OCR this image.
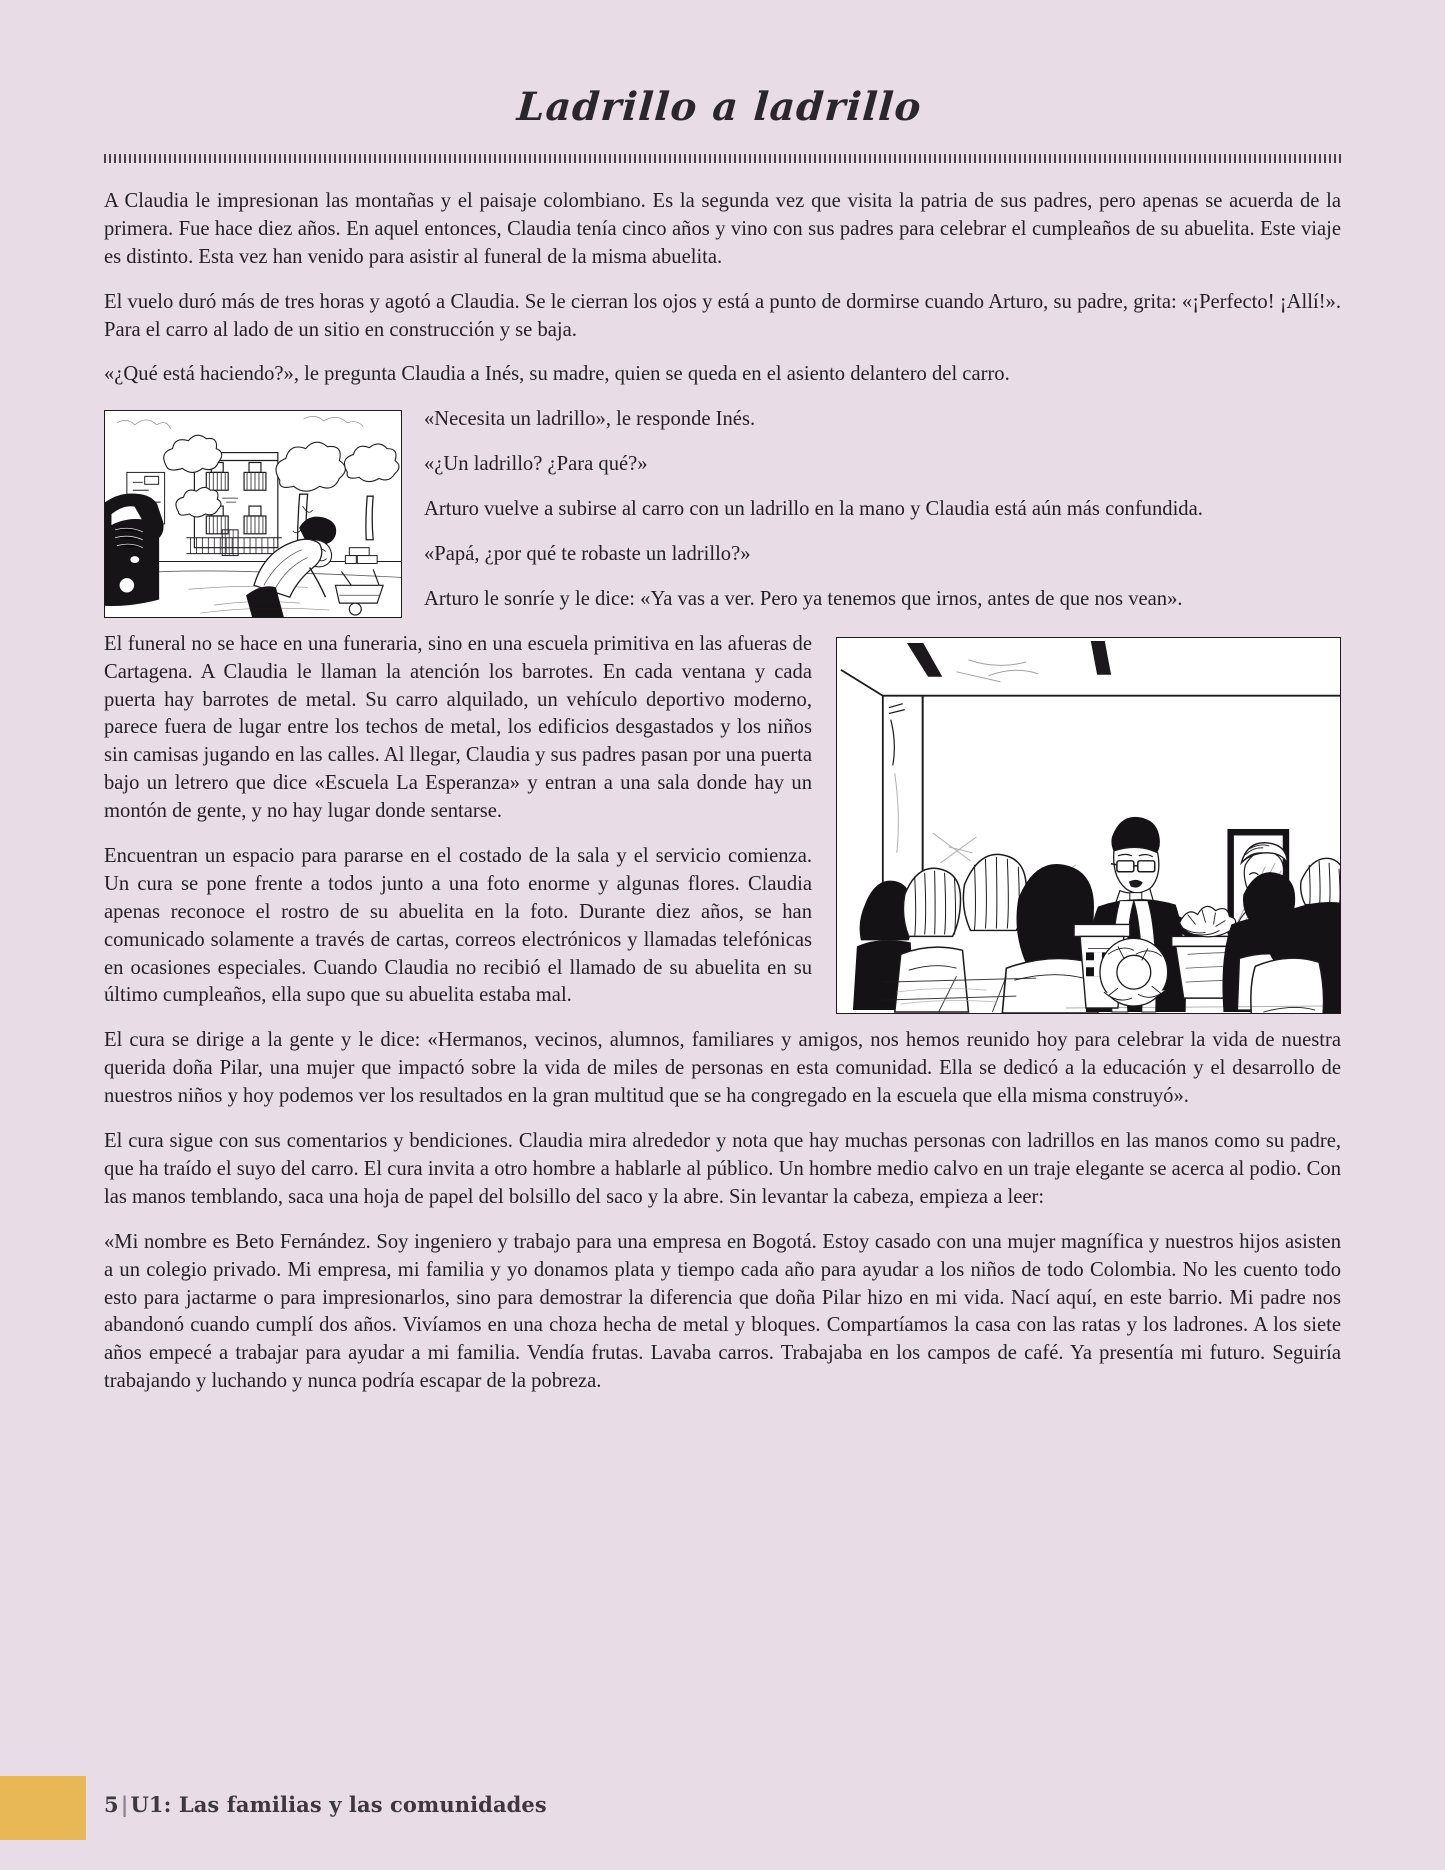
Ladrillo a ladrillo

A Claudia le impresionan las montañas y el paisaje colombiano. Es la segunda vez que visita la patria de sus padres, pero apenas se acuerda de la primera. Fue hace diez años. En aquel entonces, Claudia tenía cinco años y vino con sus padres para celebrar el cumpleaños de su abuelita. Este viaje es distinto. Esta vez han venido para asistir al funeral de la misma abuelita.

El vuelo duró más de tres horas y agotó a Claudia. Se le cierran los ojos y está a punto de dormirse cuando Arturo, su padre, grita: «¡Perfecto! ¡Allí!». Para el carro al lado de un sitio en construcción y se baja.

«¿Qué está haciendo?», le pregunta Claudia a Inés, su madre, quien se queda en el asiento delantero del carro.

«Necesita un ladrillo», le responde Inés.

«¿Un ladrillo? ¿Para qué?»

Arturo vuelve a subirse al carro con un ladrillo en la mano y Claudia está aún más confundida.

«Papá, ¿por qué te robaste un ladrillo?»

Arturo le sonríe y le dice: «Ya vas a ver. Pero ya tenemos que irnos, antes de que nos vean».

El funeral no se hace en una funeraria, sino en una escuela primitiva en las afueras de Cartagena. A Claudia le llaman la atención los barrotes. En cada ventana y cada puerta hay barrotes de metal. Su carro alquilado, un vehículo deportivo moderno, parece fuera de lugar entre los techos de metal, los edificios desgastados y los niños sin camisas jugando en las calles. Al llegar, Claudia y sus padres pasan por una puerta bajo un letrero que dice «Escuela La Esperanza» y entran a una sala donde hay un montón de gente, y no hay lugar donde sentarse.

Encuentran un espacio para pararse en el costado de la sala y el servicio comienza. Un cura se pone frente a todos junto a una foto enorme y algunas flores. Claudia apenas reconoce el rostro de su abuelita en la foto. Durante diez años, se han comunicado solamente a través de cartas, correos electrónicos y llamadas telefónicas en ocasiones especiales. Cuando Claudia no recibió el llamado de su abuelita en su último cumpleaños, ella supo que su abuelita estaba mal.

El cura se dirige a la gente y le dice: «Hermanos, vecinos, alumnos, familiares y amigos, nos hemos reunido hoy para celebrar la vida de nuestra querida doña Pilar, una mujer que impactó sobre la vida de miles de personas en esta comunidad. Ella se dedicó a la educación y el desarrollo de nuestros niños y hoy podemos ver los resultados en la gran multitud que se ha congregado en la escuela que ella misma construyó».

El cura sigue con sus comentarios y bendiciones. Claudia mira alrededor y nota que hay muchas personas con ladrillos en las manos como su padre, que ha traído el suyo del carro. El cura invita a otro hombre a hablarle al público. Un hombre medio calvo en un traje elegante se acerca al podio. Con las manos temblando, saca una hoja de papel del bolsillo del saco y la abre. Sin levantar la cabeza, empieza a leer:

«Mi nombre es Beto Fernández. Soy ingeniero y trabajo para una empresa en Bogotá. Estoy casado con una mujer magnífica y nuestros hijos asisten a un colegio privado. Mi empresa, mi familia y yo donamos plata y tiempo cada año para ayudar a los niños de todo Colombia. No les cuento todo esto para jactarme o para impresionarlos, sino para demostrar la diferencia que doña Pilar hizo en mi vida. Nací aquí, en este barrio. Mi padre nos abandonó cuando cumplí dos años. Vivíamos en una choza hecha de metal y bloques. Compartíamos la casa con las ratas y los ladrones. A los siete años empecé a trabajar para ayudar a mi familia. Vendía frutas. Lavaba carros. Trabajaba en los campos de café. Ya presentía mi futuro. Seguiría trabajando y luchando y nunca podría escapar de la pobreza.

5|U1: Las familias y las comunidades
